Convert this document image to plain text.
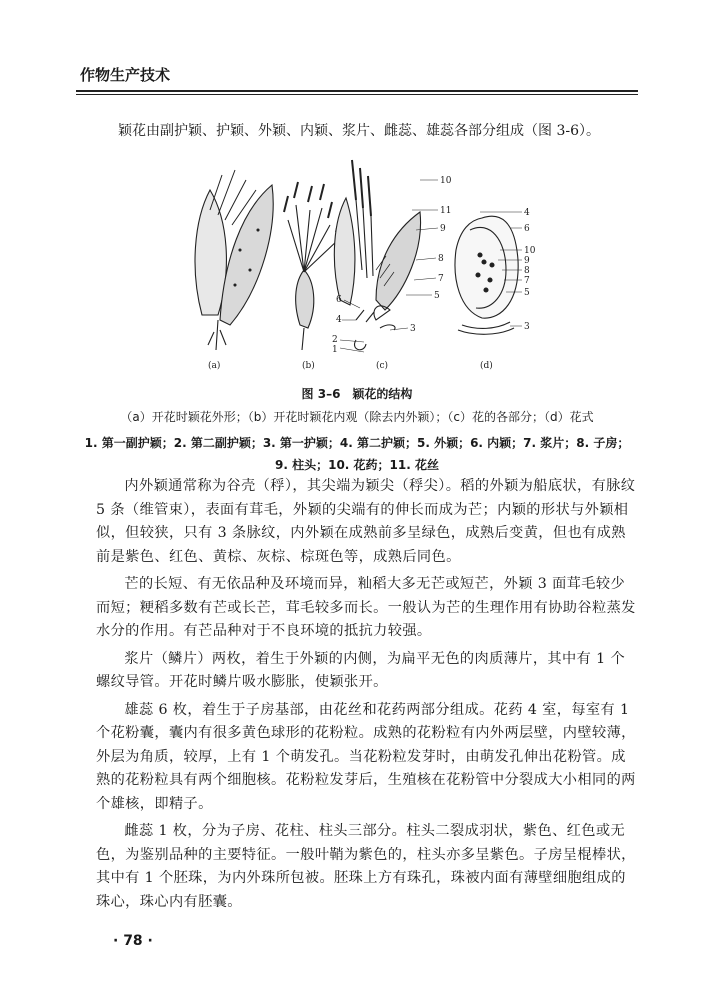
作物生产技术
颖花由副护颖、护颖、外颖、内颖、浆片、雌蕊、雄蕊各部分组成（图 3-6）。
(a)	(b)	(c)	(d)
10
11
9
8
7
5
6
4
3
2
1
4
6
10
9
8
7
5
3
图 3–6　颖花的结构
（a）开花时颖花外形；（b）开花时颖花内观（除去内外颖）；（c）花的各部分；（d）花式
1. 第一副护颖；2. 第二副护颖；3. 第一护颖；4. 第二护颖；5. 外颖；6. 内颖；7. 浆片；8. 子房；
9. 柱头；10. 花药；11. 花丝

内外颖通常称为谷壳（稃），其尖端为颖尖（稃尖）。稻的外颖为船底状，有脉纹 5 条（维管束），表面有茸毛，外颖的尖端有的伸长而成为芒；内颖的形状与外颖相似，但较狭，只有 3 条脉纹，内外颖在成熟前多呈绿色，成熟后变黄，但也有成熟前是紫色、红色、黄棕、灰棕、棕斑色等，成熟后同色。

芒的长短、有无依品种及环境而异，籼稻大多无芒或短芒，外颖 3 面茸毛较少而短；粳稻多数有芒或长芒，茸毛较多而长。一般认为芒的生理作用有协助谷粒蒸发水分的作用。有芒品种对于不良环境的抵抗力较强。

浆片（鳞片）两枚，着生于外颖的内侧，为扁平无色的肉质薄片，其中有 1 个螺纹导管。开花时鳞片吸水膨胀，使颖张开。

雄蕊 6 枚，着生于子房基部，由花丝和花药两部分组成。花药 4 室，每室有 1 个花粉囊，囊内有很多黄色球形的花粉粒。成熟的花粉粒有内外两层壁，内壁较薄，外层为角质，较厚，上有 1 个萌发孔。当花粉粒发芽时，由萌发孔伸出花粉管。成熟的花粉粒具有两个细胞核。花粉粒发芽后，生殖核在花粉管中分裂成大小相同的两个雄核，即精子。

雌蕊 1 枚，分为子房、花柱、柱头三部分。柱头二裂成羽状，紫色、红色或无色，为鉴别品种的主要特征。一般叶鞘为紫色的，柱头亦多呈紫色。子房呈棍棒状，其中有 1 个胚珠，为内外珠所包被。胚珠上方有珠孔，珠被内面有薄壁细胞组成的珠心，珠心内有胚囊。

· 78 ·
